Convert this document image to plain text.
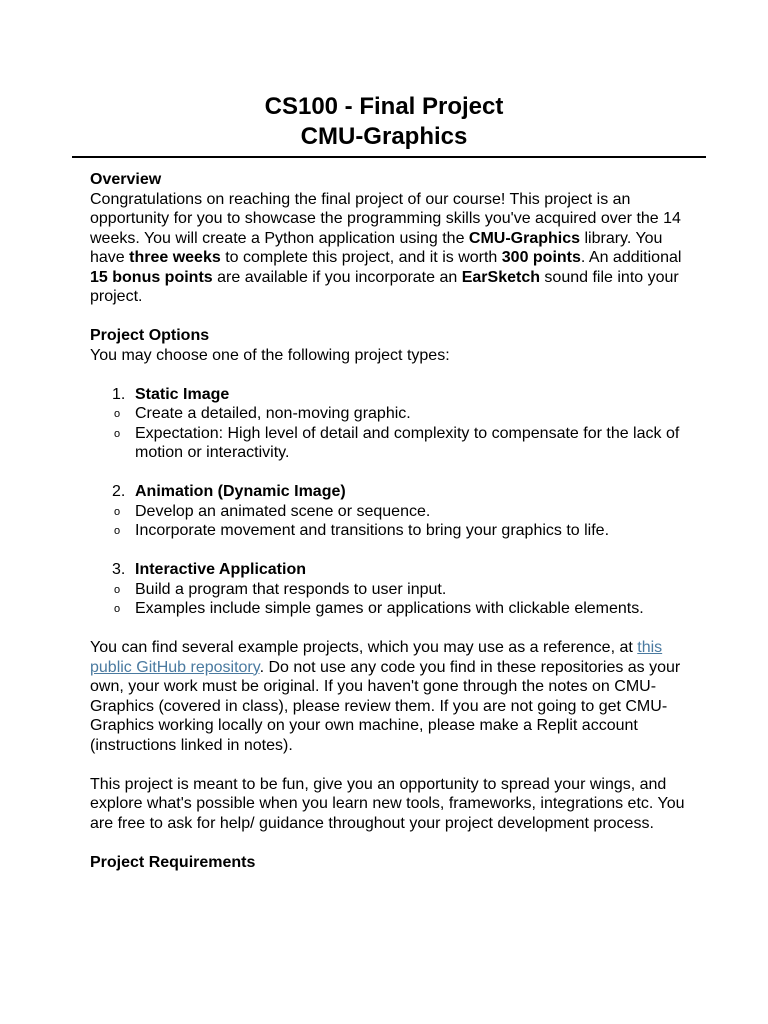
CS100 - Final Project
CMU-Graphics

Overview

Congratulations on reaching the final project of our course! This project is an opportunity for you to showcase the programming skills you've acquired over the 14 weeks. You will create a Python application using the CMU-Graphics library. You have three weeks to complete this project, and it is worth 300 points. An additional 15 bonus points are available if you incorporate an EarSketch sound file into your project.

Project Options

You may choose one of the following project types:

1. Static Image
o Create a detailed, non-moving graphic.
o Expectation: High level of detail and complexity to compensate for the lack of motion or interactivity.
2. Animation (Dynamic Image)
o Develop an animated scene or sequence.
o Incorporate movement and transitions to bring your graphics to life.
3. Interactive Application
o Build a program that responds to user input.
o Examples include simple games or applications with clickable elements.

You can find several example projects, which you may use as a reference, at this public GitHub repository. Do not use any code you find in these repositories as your own, your work must be original. If you haven't gone through the notes on CMU-Graphics (covered in class), please review them. If you are not going to get CMU-Graphics working locally on your own machine, please make a Replit account (instructions linked in notes).

This project is meant to be fun, give you an opportunity to spread your wings, and explore what's possible when you learn new tools, frameworks, integrations etc. You are free to ask for help/ guidance throughout your project development process.

Project Requirements
